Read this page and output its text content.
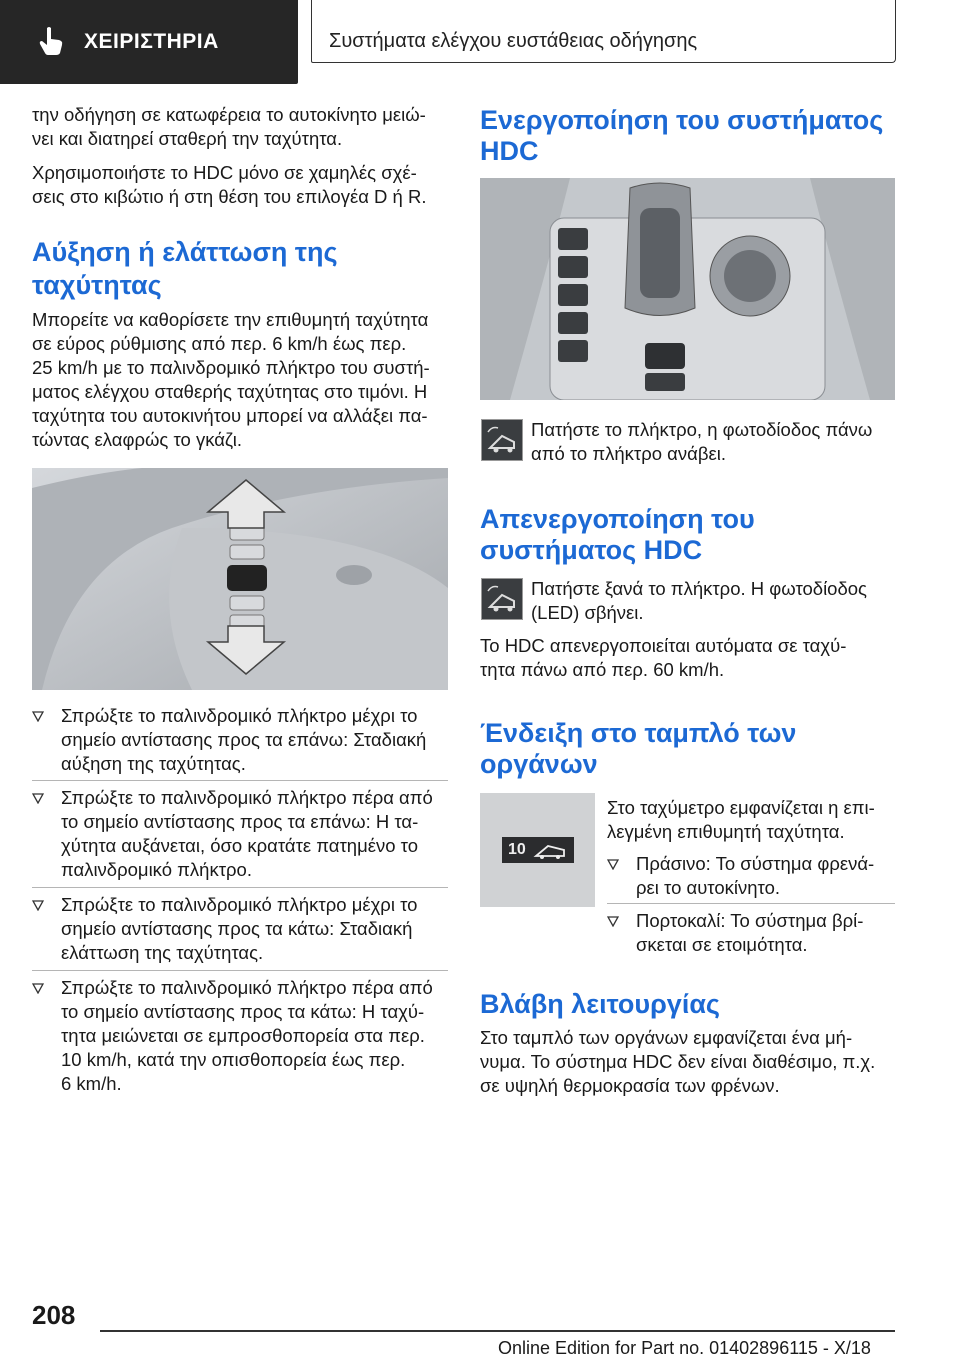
ΧΕΙΡΙΣΤΗΡΙΑ	Συστήματα ελέγχου ευστάθειας οδήγησης

την οδήγηση σε κατωφέρεια το αυτοκίνητο μειώ-

νει και διατηρεί σταθερή την ταχύτητα.

Χρησιμοποιήστε το HDC μόνο σε χαμηλές σχέ-

σεις στο κιβώτιο ή στη θέση του επιλογέα D ή R.

Αύξηση ή ελάττωση της
ταχύτητας

Μπορείτε να καθορίσετε την επιθυμητή ταχύτητα

σε εύρος ρύθμισης από περ. 6 km/h έως περ.

25 km/h με το παλινδρομικό πλήκτρο του συστή-

ματος ελέγχου σταθερής ταχύτητας στο τιμόνι. Η

ταχύτητα του αυτοκινήτου μπορεί να αλλάξει πα-

τώντας ελαφρώς το γκάζι.

Σπρώξτε το παλινδρομικό πλήκτρο μέχρι το
σημείο αντίστασης προς τα επάνω: Σταδιακή
αύξηση της ταχύτητας.
Σπρώξτε το παλινδρομικό πλήκτρο πέρα από
το σημείο αντίστασης προς τα επάνω: Η τα-
χύτητα αυξάνεται, όσο κρατάτε πατημένο το
παλινδρομικό πλήκτρο.
Σπρώξτε το παλινδρομικό πλήκτρο μέχρι το
σημείο αντίστασης προς τα κάτω: Σταδιακή
ελάττωση της ταχύτητας.
Σπρώξτε το παλινδρομικό πλήκτρο πέρα από
το σημείο αντίστασης προς τα κάτω: Η ταχύ-
τητα μειώνεται σε εμπροσθοπορεία στα περ.
10 km/h, κατά την οπισθοπορεία έως περ.
6 km/h.
Ενεργοποίηση του συστήματος
HDC

Πατήστε το πλήκτρο, η φωτοδίοδος πάνω

από το πλήκτρο ανάβει.

Απενεργοποίηση του
συστήματος HDC

Πατήστε ξανά το πλήκτρο. Η φωτοδίοδος

(LED) σβήνει.

Το HDC απενεργοποιείται αυτόματα σε ταχύ-

τητα πάνω από περ. 60 km/h.

Ένδειξη στο ταμπλό των
οργάνων
10

Στο ταχύμετρο εμφανίζεται η επι-

λεγμένη επιθυμητή ταχύτητα.

Πράσινο: Το σύστημα φρενά-
ρει το αυτοκίνητο.
Πορτοκαλί: Το σύστημα βρί-
σκεται σε ετοιμότητα.
Βλάβη λειτουργίας

Στο ταμπλό των οργάνων εμφανίζεται ένα μή-

νυμα. Το σύστημα HDC δεν είναι διαθέσιμο, π.χ.

σε υψηλή θερμοκρασία των φρένων.

208
Online Edition for Part no. 01402896115 - X/18
